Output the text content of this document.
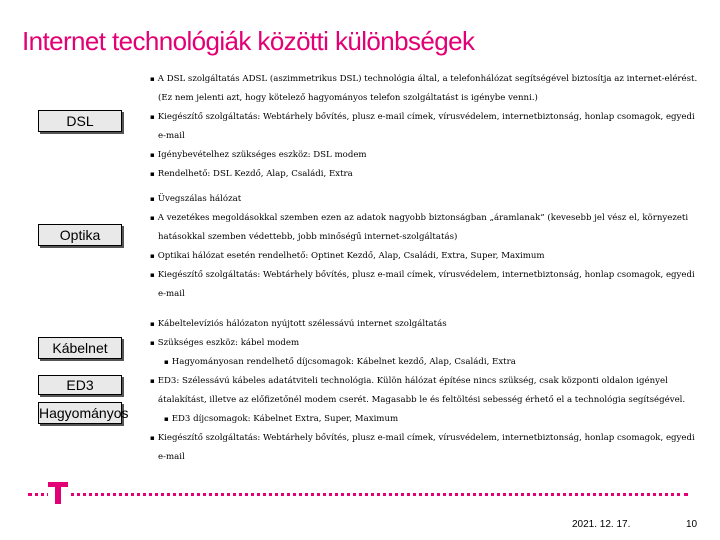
Internet technológiák közötti különbségek
DSL
Optika
Kábelnet
ED3
Hagyományos

▪ A DSL szolgáltatás ADSL (aszimmetrikus DSL) technológia által, a telefonhálózat segítségével biztosítja az internet-elérést. (Ez nem jelenti azt, hogy kötelező hagyományos telefon szolgáltatást is igénybe venni.)

▪ Kiegészítő szolgáltatás: Webtárhely bővítés, plusz e-mail címek, vírusvédelem, internetbiztonság, honlap csomagok, egyedi e-mail

▪ Igénybevételhez szükséges eszköz: DSL modem

▪ Rendelhető: DSL Kezdő, Alap, Családi, Extra

▪ Üvegszálas hálózat

▪ A vezetékes megoldásokkal szemben ezen az adatok nagyobb biztonságban „áramlanak” (kevesebb jel vész el, környezeti hatásokkal szemben védettebb, jobb minőségű internet-szolgáltatás)

▪ Optikai hálózat esetén rendelhető: Optinet Kezdő, Alap, Családi, Extra, Super, Maximum

▪ Kiegészítő szolgáltatás: Webtárhely bővítés, plusz e-mail címek, vírusvédelem, internetbiztonság, honlap csomagok, egyedi e-mail

▪ Kábeltelevíziós hálózaton nyújtott szélessávú internet szolgáltatás

▪ Szükséges eszköz: kábel modem

▪ Hagyományosan rendelhető díjcsomagok: Kábelnet kezdő, Alap, Családi, Extra

▪ ED3: Szélessávú kábeles adatátviteli technológia. Külön hálózat építése nincs szükség, csak központi oldalon igényel átalakítást, illetve az előfizetőnél modem cserét. Magasabb le és feltöltési sebesség érhető el a technológia segítségével.

▪ ED3 díjcsomagok: Kábelnet Extra, Super, Maximum

▪ Kiegészítő szolgáltatás: Webtárhely bővítés, plusz e-mail címek, vírusvédelem, internetbiztonság, honlap csomagok, egyedi e-mail

2021. 12. 17.	10
